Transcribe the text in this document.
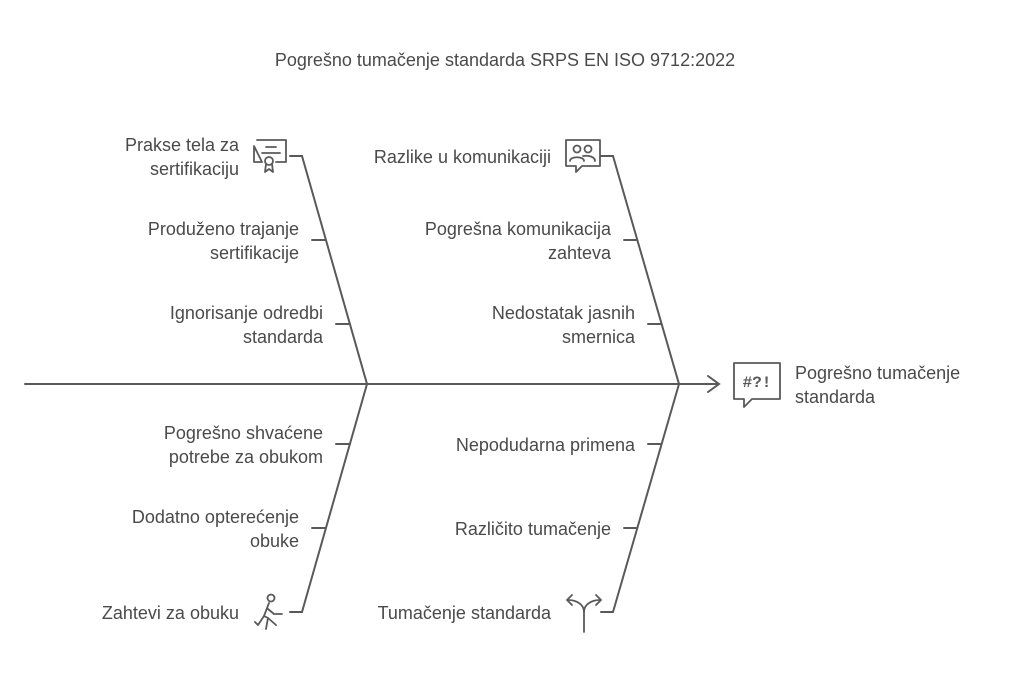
Pogrešno tumačenje standarda SRPS EN ISO 9712:2022
Prakse tela za
sertifikaciju
Produženo trajanje
sertifikacije
Ignorisanje odredbi
standarda
Razlike u komunikaciji
Pogrešna komunikacija
zahteva
Nedostatak jasnih
smernica
#?! Pogrešno tumačenje
standarda
Pogrešno shvaćene
potrebe za obukom
Dodatno opterećenje
obuke
Zahtevi za obuku
Nepodudarna primena
Različito tumačenje
Tumačenje standarda
